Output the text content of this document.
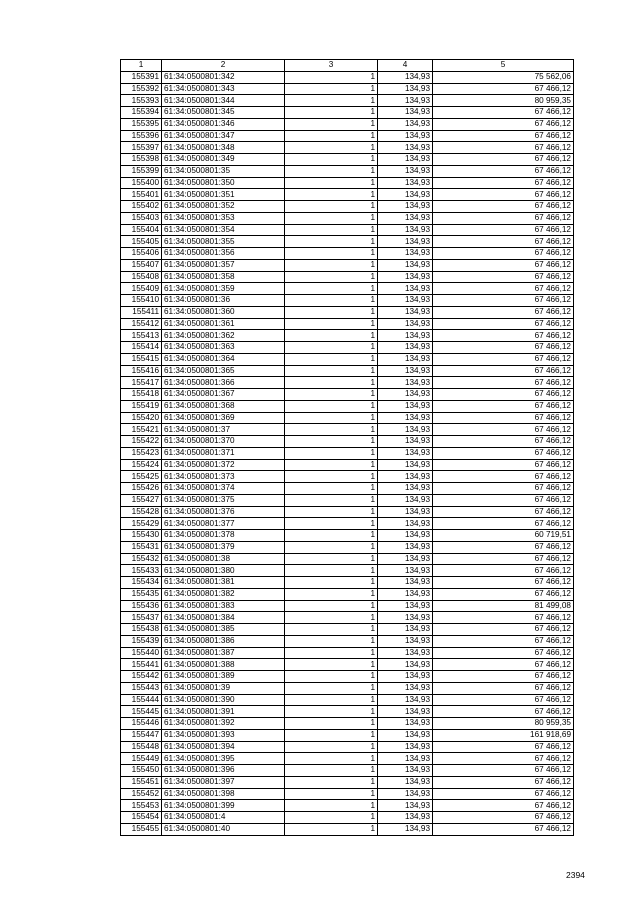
1	2	3	4	5
155391	61:34:0500801:342	1	134,93	75 562,06
155392	61:34:0500801:343	1	134,93	67 466,12
155393	61:34:0500801:344	1	134,93	80 959,35
155394	61:34:0500801:345	1	134,93	67 466,12
155395	61:34:0500801:346	1	134,93	67 466,12
155396	61:34:0500801:347	1	134,93	67 466,12
155397	61:34:0500801:348	1	134,93	67 466,12
155398	61:34:0500801:349	1	134,93	67 466,12
155399	61:34:0500801:35	1	134,93	67 466,12
155400	61:34:0500801:350	1	134,93	67 466,12
155401	61:34:0500801:351	1	134,93	67 466,12
155402	61:34:0500801:352	1	134,93	67 466,12
155403	61:34:0500801:353	1	134,93	67 466,12
155404	61:34:0500801:354	1	134,93	67 466,12
155405	61:34:0500801:355	1	134,93	67 466,12
155406	61:34:0500801:356	1	134,93	67 466,12
155407	61:34:0500801:357	1	134,93	67 466,12
155408	61:34:0500801:358	1	134,93	67 466,12
155409	61:34:0500801:359	1	134,93	67 466,12
155410	61:34:0500801:36	1	134,93	67 466,12
155411	61:34:0500801:360	1	134,93	67 466,12
155412	61:34:0500801:361	1	134,93	67 466,12
155413	61:34:0500801:362	1	134,93	67 466,12
155414	61:34:0500801:363	1	134,93	67 466,12
155415	61:34:0500801:364	1	134,93	67 466,12
155416	61:34:0500801:365	1	134,93	67 466,12
155417	61:34:0500801:366	1	134,93	67 466,12
155418	61:34:0500801:367	1	134,93	67 466,12
155419	61:34:0500801:368	1	134,93	67 466,12
155420	61:34:0500801:369	1	134,93	67 466,12
155421	61:34:0500801:37	1	134,93	67 466,12
155422	61:34:0500801:370	1	134,93	67 466,12
155423	61:34:0500801:371	1	134,93	67 466,12
155424	61:34:0500801:372	1	134,93	67 466,12
155425	61:34:0500801:373	1	134,93	67 466,12
155426	61:34:0500801:374	1	134,93	67 466,12
155427	61:34:0500801:375	1	134,93	67 466,12
155428	61:34:0500801:376	1	134,93	67 466,12
155429	61:34:0500801:377	1	134,93	67 466,12
155430	61:34:0500801:378	1	134,93	60 719,51
155431	61:34:0500801:379	1	134,93	67 466,12
155432	61:34:0500801:38	1	134,93	67 466,12
155433	61:34:0500801:380	1	134,93	67 466,12
155434	61:34:0500801:381	1	134,93	67 466,12
155435	61:34:0500801:382	1	134,93	67 466,12
155436	61:34:0500801:383	1	134,93	81 499,08
155437	61:34:0500801:384	1	134,93	67 466,12
155438	61:34:0500801:385	1	134,93	67 466,12
155439	61:34:0500801:386	1	134,93	67 466,12
155440	61:34:0500801:387	1	134,93	67 466,12
155441	61:34:0500801:388	1	134,93	67 466,12
155442	61:34:0500801:389	1	134,93	67 466,12
155443	61:34:0500801:39	1	134,93	67 466,12
155444	61:34:0500801:390	1	134,93	67 466,12
155445	61:34:0500801:391	1	134,93	67 466,12
155446	61:34:0500801:392	1	134,93	80 959,35
155447	61:34:0500801:393	1	134,93	161 918,69
155448	61:34:0500801:394	1	134,93	67 466,12
155449	61:34:0500801:395	1	134,93	67 466,12
155450	61:34:0500801:396	1	134,93	67 466,12
155451	61:34:0500801:397	1	134,93	67 466,12
155452	61:34:0500801:398	1	134,93	67 466,12
155453	61:34:0500801:399	1	134,93	67 466,12
155454	61:34:0500801:4	1	134,93	67 466,12
155455	61:34:0500801:40	1	134,93	67 466,12
2394
